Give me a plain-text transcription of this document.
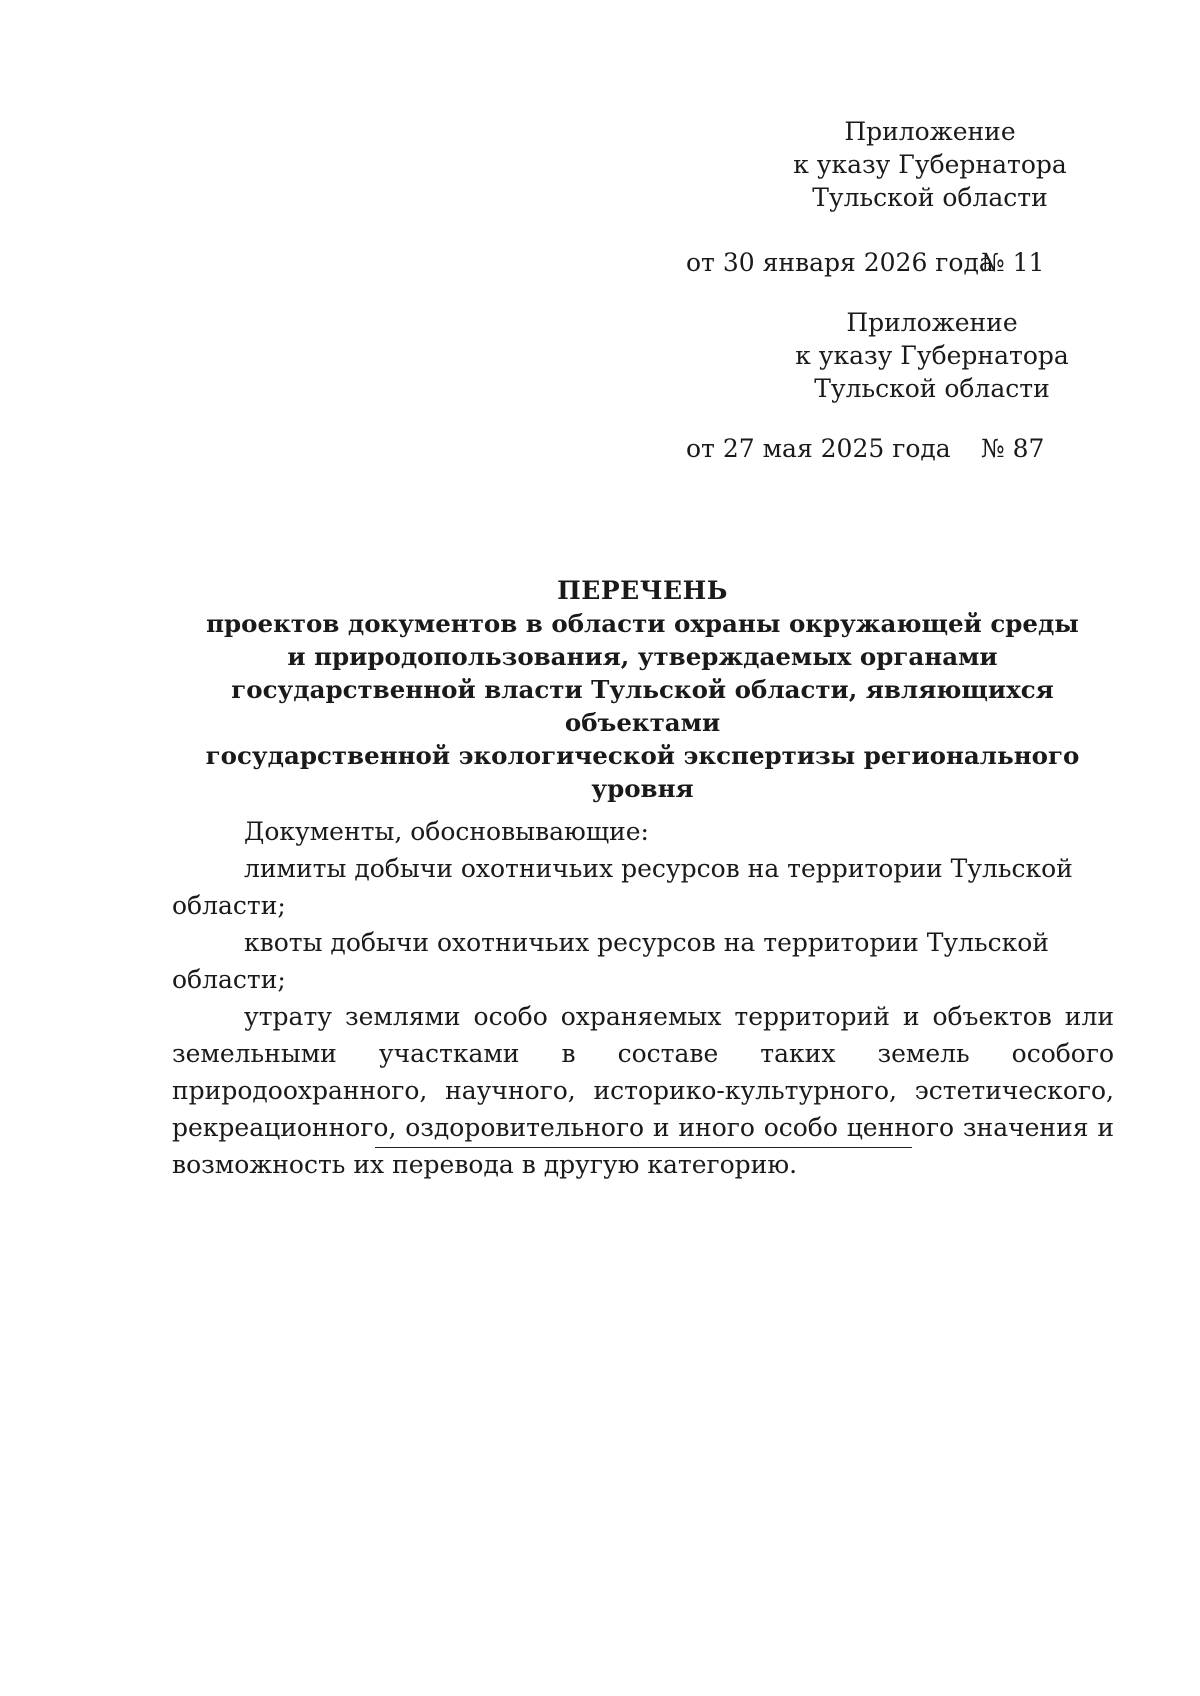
Приложение
к указу Губернатора
Тульской области
от 30 января 2026 года
№ 11
Приложение
к указу Губернатора
Тульской области
от 27 мая 2025 года № 87
ПЕРЕЧЕНЬ
проектов документов в области охраны окружающей среды
и природопользования, утверждаемых органами
государственной власти Тульской области, являющихся объектами
государственной экологической экспертизы регионального уровня

Документы, обосновывающие:

лимиты добычи охотничьих ресурсов на территории Тульской области;

квоты добычи охотничьих ресурсов на территории Тульской области;

утрату землями особо охраняемых территорий и объектов или земельными участками в составе таких земель особого природоохранного, научного, историко-культурного, эстетического, рекреационного, оздоровительного и иного особо ценного значения и возможность их перевода в другую категорию.
